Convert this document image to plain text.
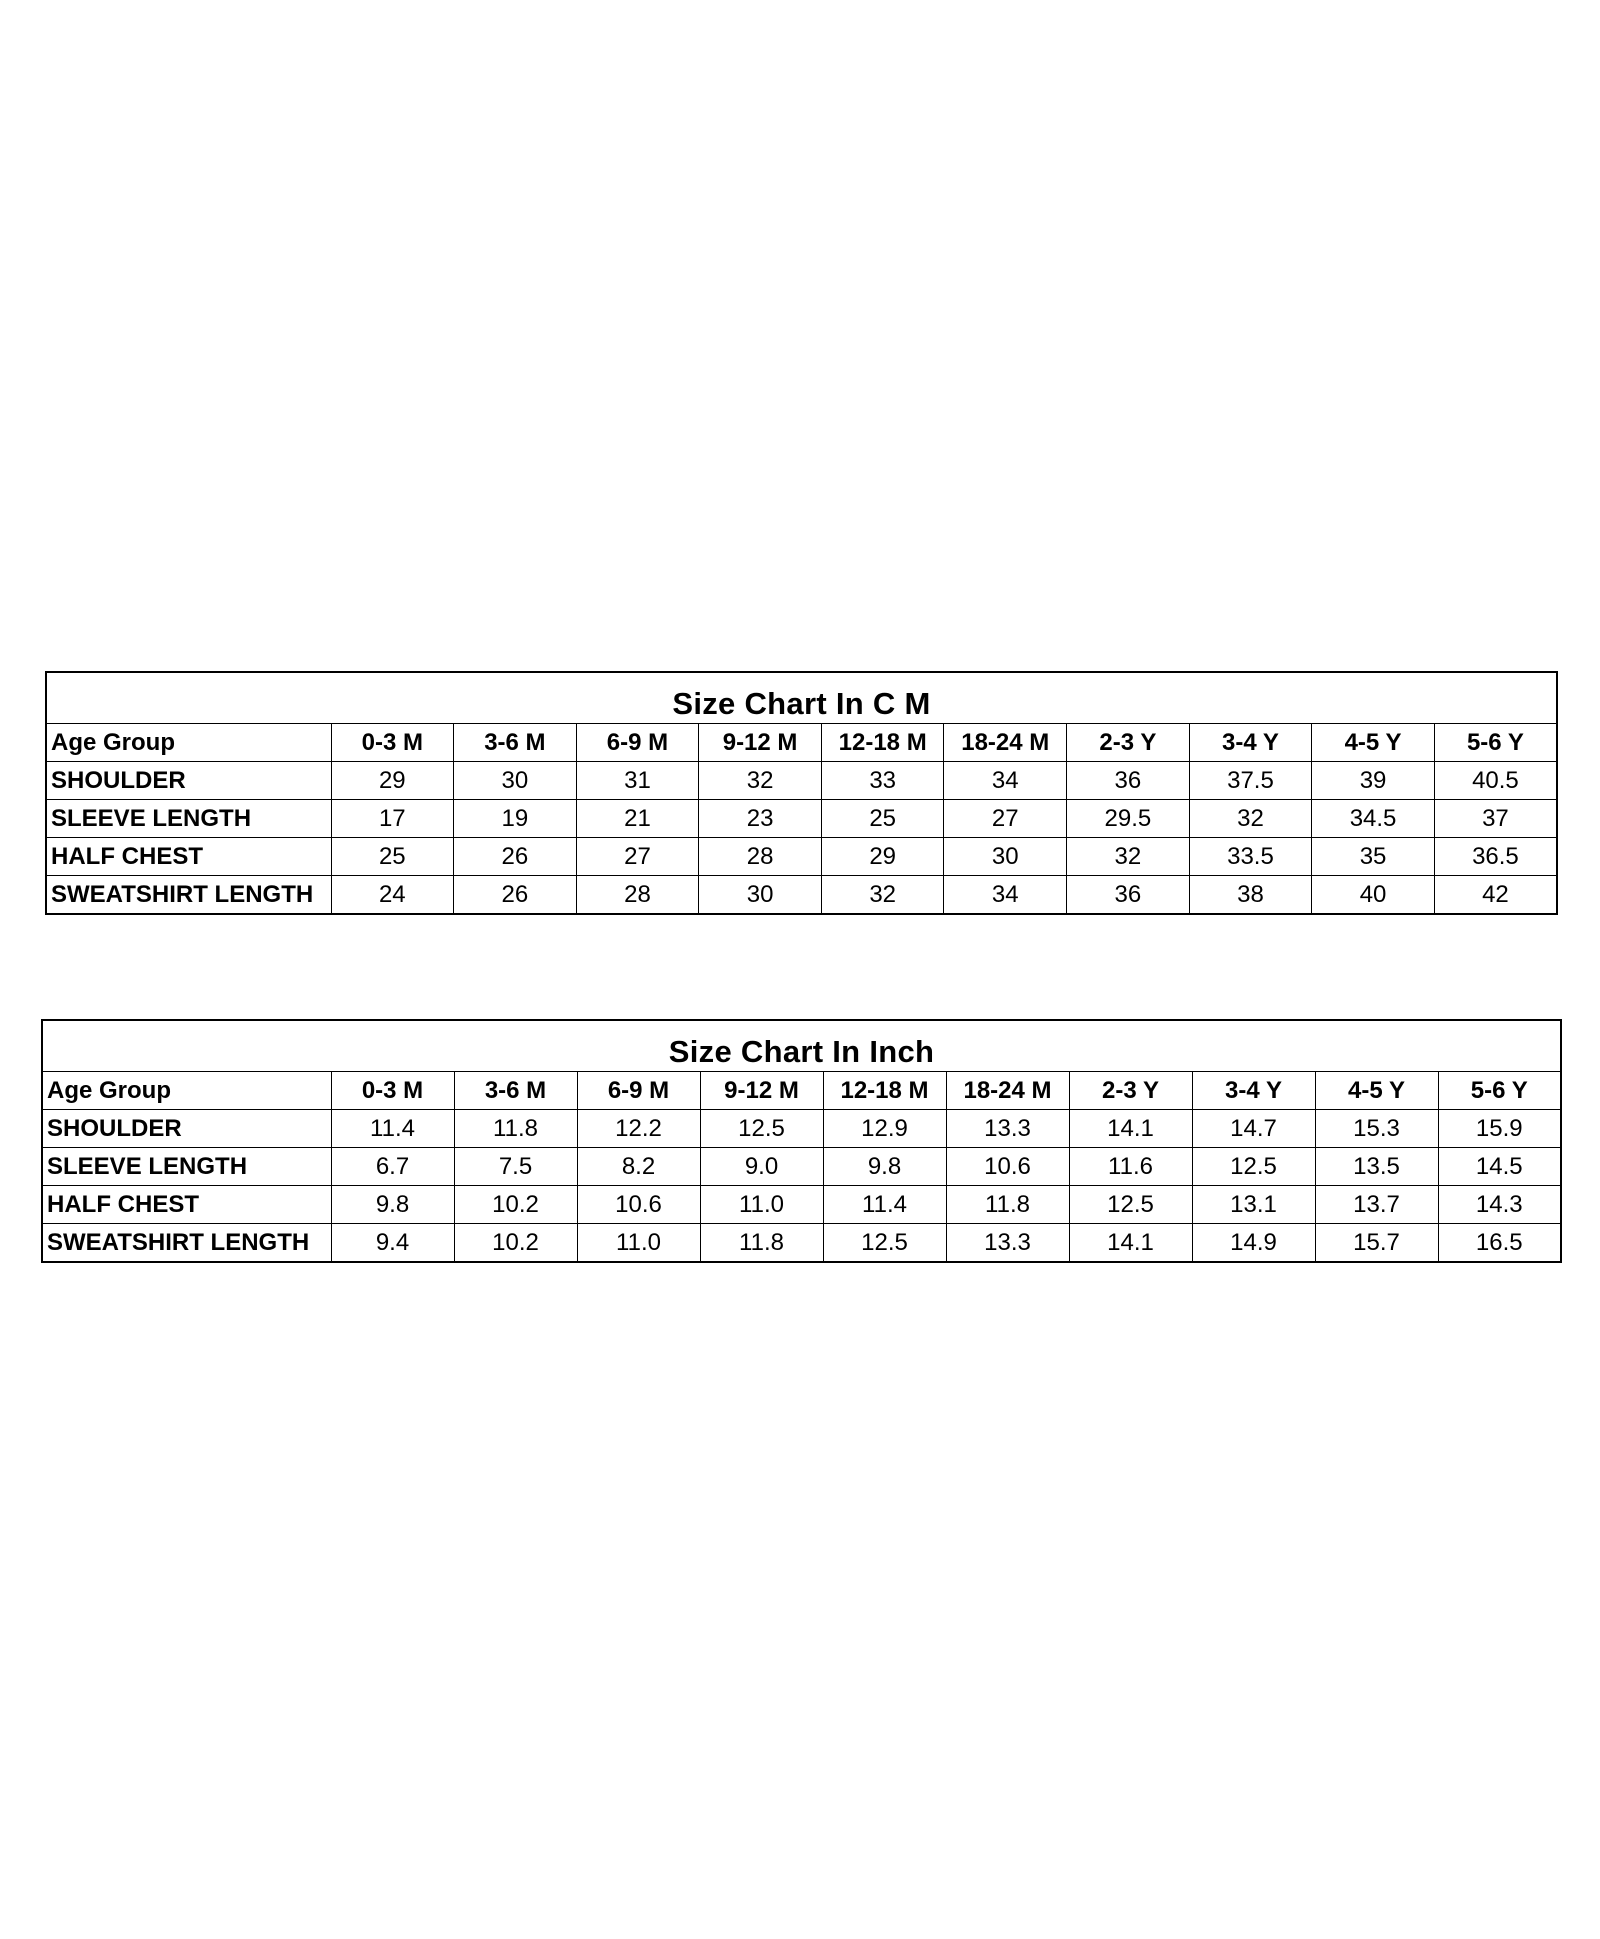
Size Chart In C M										
Age Group	0-3 M	3-6 M	6-9 M	9-12 M	12-18 M	18-24 M	2-3 Y	3-4 Y	4-5 Y	5-6 Y
SHOULDER	29	30	31	32	33	34	36	37.5	39	40.5
SLEEVE LENGTH	17	19	21	23	25	27	29.5	32	34.5	37
HALF CHEST	25	26	27	28	29	30	32	33.5	35	36.5
SWEATSHIRT LENGTH	24	26	28	30	32	34	36	38	40	42
Size Chart In Inch										
Age Group	0-3 M	3-6 M	6-9 M	9-12 M	12-18 M	18-24 M	2-3 Y	3-4 Y	4-5 Y	5-6 Y
SHOULDER	11.4	11.8	12.2	12.5	12.9	13.3	14.1	14.7	15.3	15.9
SLEEVE LENGTH	6.7	7.5	8.2	9.0	9.8	10.6	11.6	12.5	13.5	14.5
HALF CHEST	9.8	10.2	10.6	11.0	11.4	11.8	12.5	13.1	13.7	14.3
SWEATSHIRT LENGTH	9.4	10.2	11.0	11.8	12.5	13.3	14.1	14.9	15.7	16.5
